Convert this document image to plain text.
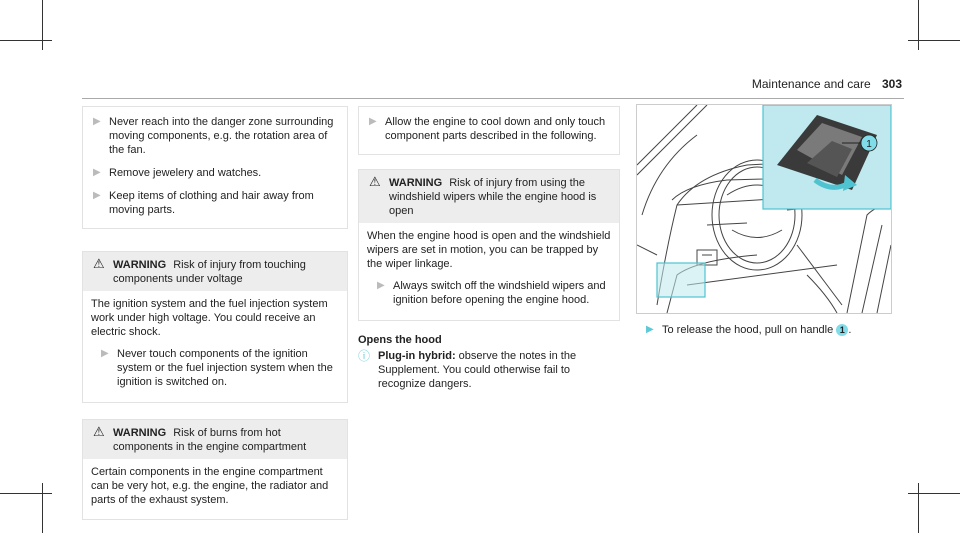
Maintenance and care 303
▶ Never reach into the danger zone surrounding moving components, e.g. the rotation area of the fan.
▶ Remove jewelery and watches.
▶ Keep items of clothing and hair away from moving parts.
⚠ WARNING Risk of injury from touching components under voltage

The ignition system and the fuel injection system work under high voltage. You could receive an electric shock.

▶ Never touch components of the ignition system or the fuel injection system when the ignition is switched on.
⚠ WARNING Risk of burns from hot components in the engine compartment

Certain components in the engine compartment can be very hot, e.g. the engine, the radiator and parts of the exhaust system.

▶ Allow the engine to cool down and only touch component parts described in the following.
⚠ WARNING Risk of injury from using the windshield wipers while the engine hood is open

When the engine hood is open and the windshield wipers are set in motion, you can be trapped by the wiper linkage.

▶ Always switch off the windshield wipers and ignition before opening the engine hood.
Opens the hood
ⓘ Plug-in hybrid: observe the notes in the Supplement. You could otherwise fail to recognize dangers.
1
▶ To release the hood, pull on handle 1 .
